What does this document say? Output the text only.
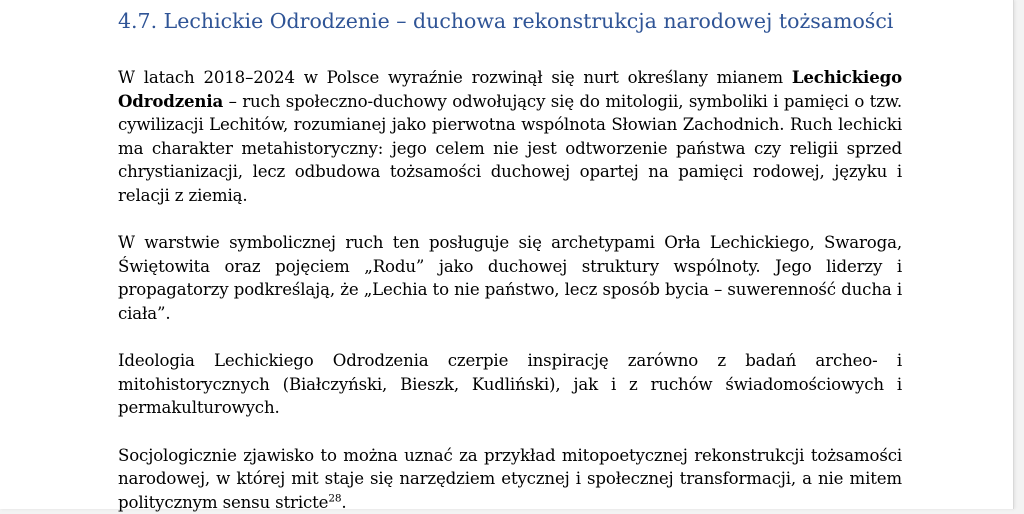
4.7. Lechickie Odrodzenie – duchowa rekonstrukcja narodowej tożsamości

W latach 2018–2024 w Polsce wyraźnie rozwinął się nurt określany mianem Lechickiego Odrodzenia – ruch społeczno-duchowy odwołujący się do mitologii, symboliki i pamięci o tzw. cywilizacji Lechitów, rozumianej jako pierwotna wspólnota Słowian Zachodnich. Ruch lechicki ma charakter metahistoryczny: jego celem nie jest odtworzenie państwa czy religii sprzed chrystianizacji, lecz odbudowa tożsamości duchowej opartej na pamięci rodowej, języku i relacji z ziemią.

W warstwie symbolicznej ruch ten posługuje się archetypami Orła Lechickiego, Swaroga, Świętowita oraz pojęciem „Rodu” jako duchowej struktury wspólnoty. Jego liderzy i propagatorzy podkreślają, że „Lechia to nie państwo, lecz sposób bycia – suwerenność ducha i ciała”.

Ideologia Lechickiego Odrodzenia czerpie inspirację zarówno z badań archeo- i mitohistorycznych (Białczyński, Bieszk, Kudliński), jak i z ruchów świadomościowych i permakulturowych.

Socjologicznie zjawisko to można uznać za przykład mitopoetycznej rekonstrukcji tożsamości narodowej, w której mit staje się narzędziem etycznej i społecznej transformacji, a nie mitem politycznym sensu stricte$^{28}$.
